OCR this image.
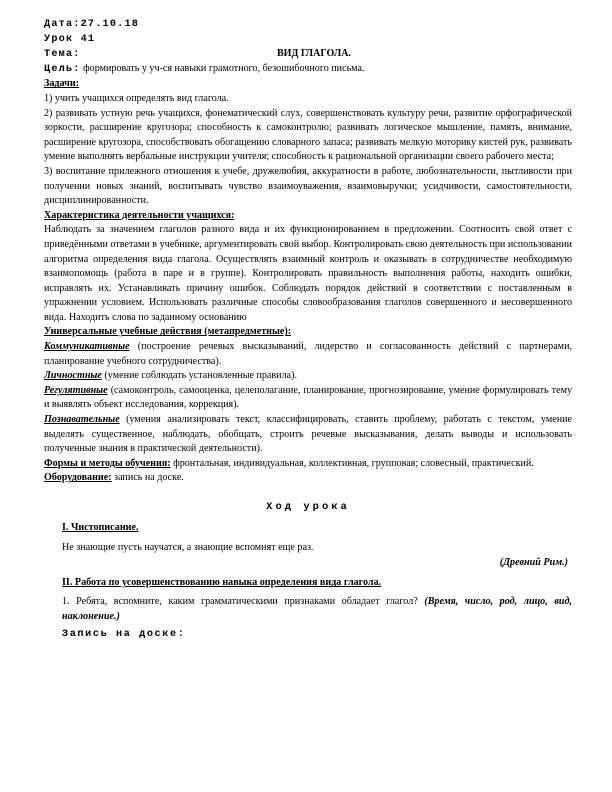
Дата:27.10.18
Урок 41
Тема:	ВИД ГЛАГОЛА.

Цель: формировать у уч-ся навыки грамотного, безошибочного письма.

Задачи:

1) учить учащихся определять вид глагола.

2) развивать устную речь учащихся, фонематический слух, совершенствовать культуру речи, развитие орфографической зоркости, расширение кругозора; способность к самоконтролю; развивать логическое мышление, память, внимание, расширение кругозора, способствовать обогащению словарного запаса; развивать мелкую моторику кистей рук, развивать умение выполнять вербальные инструкции учителя; способность к рациональной организации своего рабочего места;

3) воспитание прилежного отношения к учебе, дружелюбия, аккуратности в работе, любознательности, пытливости при получении новых знаний, воспитывать чувство взаимоуважения, взаимовыручки; усидчивости, самостоятельности, дисциплинированности.

Характеристика деятельности учащихся:

Наблюдать за значением глаголов разного вида и их функционированием в предложении. Соотносить свой ответ с приведёнными ответами в учебнике, аргументировать свой выбор. Контролировать свою деятельность при использовании алгоритма определения вида глагола. Осуществлять взаимный контроль и оказывать в сотрудничестве необходимую взаимопомощь (работа в паре и в группе). Контролировать правильность выполнения работы, находить ошибки, исправлять их. Устанавливать причину ошибок. Соблюдать порядок действий в соответствии с поставленным в упражнении условием. Использовать различные способы словообразования глаголов совершенного и несовершенного вида. Находить слова по заданному основанию

Универсальные учебные действия (метапредметные):

Коммуникативные (построение речевых высказываний, лидерство и согласованность действий с партнерами, планирование учебного сотрудничества).

Личностные (умение соблюдать установленные правила).

Регулятивные (самоконтроль, самооценка, целеполагание, планирование, прогнозирование, умение формулировать тему и выявлять объект исследования, коррекция).

Познавательные (умения анализировать текст, классифицировать, ставить проблему, работать с текстом, умение выделять существенное, наблюдать, обобщать, строить речевые высказывания, делать выводы и использовать полученные знания в практической деятельности).

Формы и методы обучения: фронтальная, индивидуальная, коллективная, групповая; словесный, практический.

Оборудование: запись на доске.

Ход урока

I. Чистописание.

Не знающие пусть научатся, а знающие вспомнят еще раз.

(Древний Рим.)

II. Работа по усовершенствованию навыка определения вида глагола.

1. Ребята, вспомните, каким грамматическими признаками обладает глагол? (Время, число, род, лицо, вид, наклонение.)

Запись на доске:
